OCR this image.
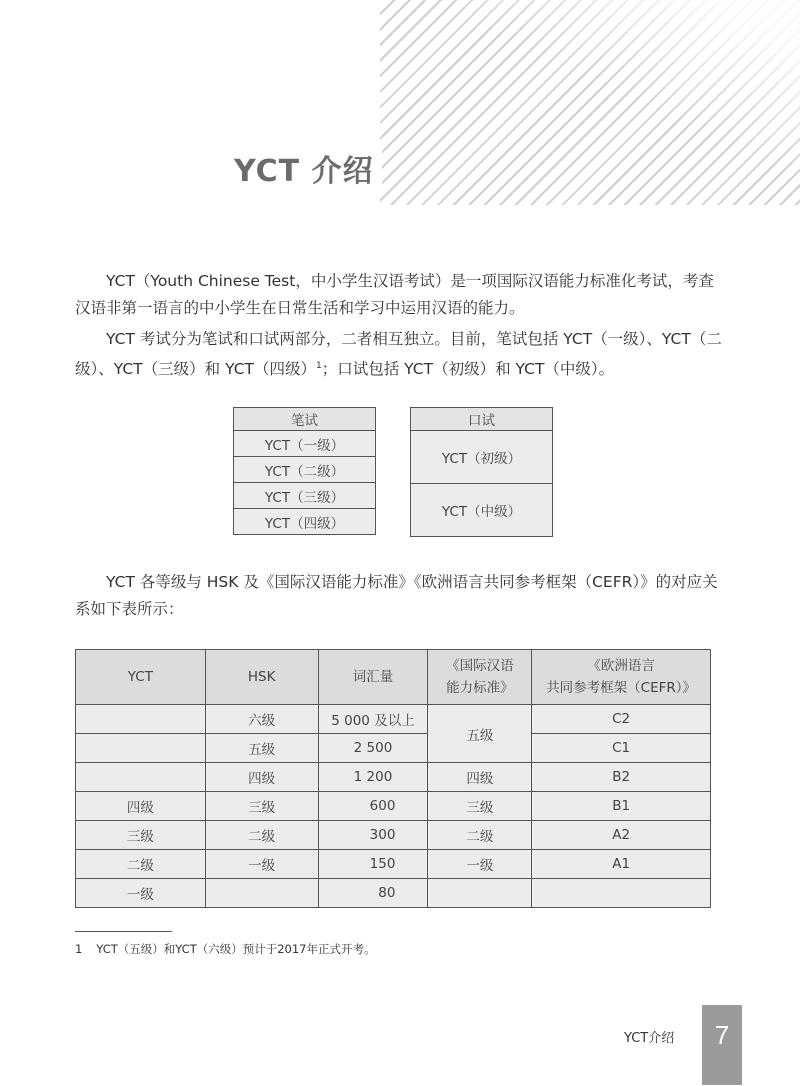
YCT 介绍

YCT（Youth Chinese Test，中小学生汉语考试）是一项国际汉语能力标准化考试，考查汉语非第一语言的中小学生在日常生活和学习中运用汉语的能力。

YCT 考试分为笔试和口试两部分，二者相互独立。目前，笔试包括 YCT（一级）、YCT（二级）、YCT（三级）和 YCT（四级）$^1$；口试包括 YCT（初级）和 YCT（中级）。

笔试
YCT（一级）
YCT（二级）
YCT（三级）
YCT（四级）
口试
YCT（初级）
YCT（中级）

YCT 各等级与 HSK 及《国际汉语能力标准》《欧洲语言共同参考框架（CEFR）》的对应关系如下表所示：

YCT	HSK	词汇量	《国际汉语
能力标准》	《欧洲语言
共同参考框架（CEFR）》
	六级	5 000 及以上	五级	C2
	五级	2 500		C1
	四级	1 200	四级	B2
四级	三级	600	三级	B1
三级	二级	300	二级	A2
二级	一级	150	一级	A1
一级		80		
1 YCT（五级）和YCT（六级）预计于2017年正式开考。
YCT介绍	7
